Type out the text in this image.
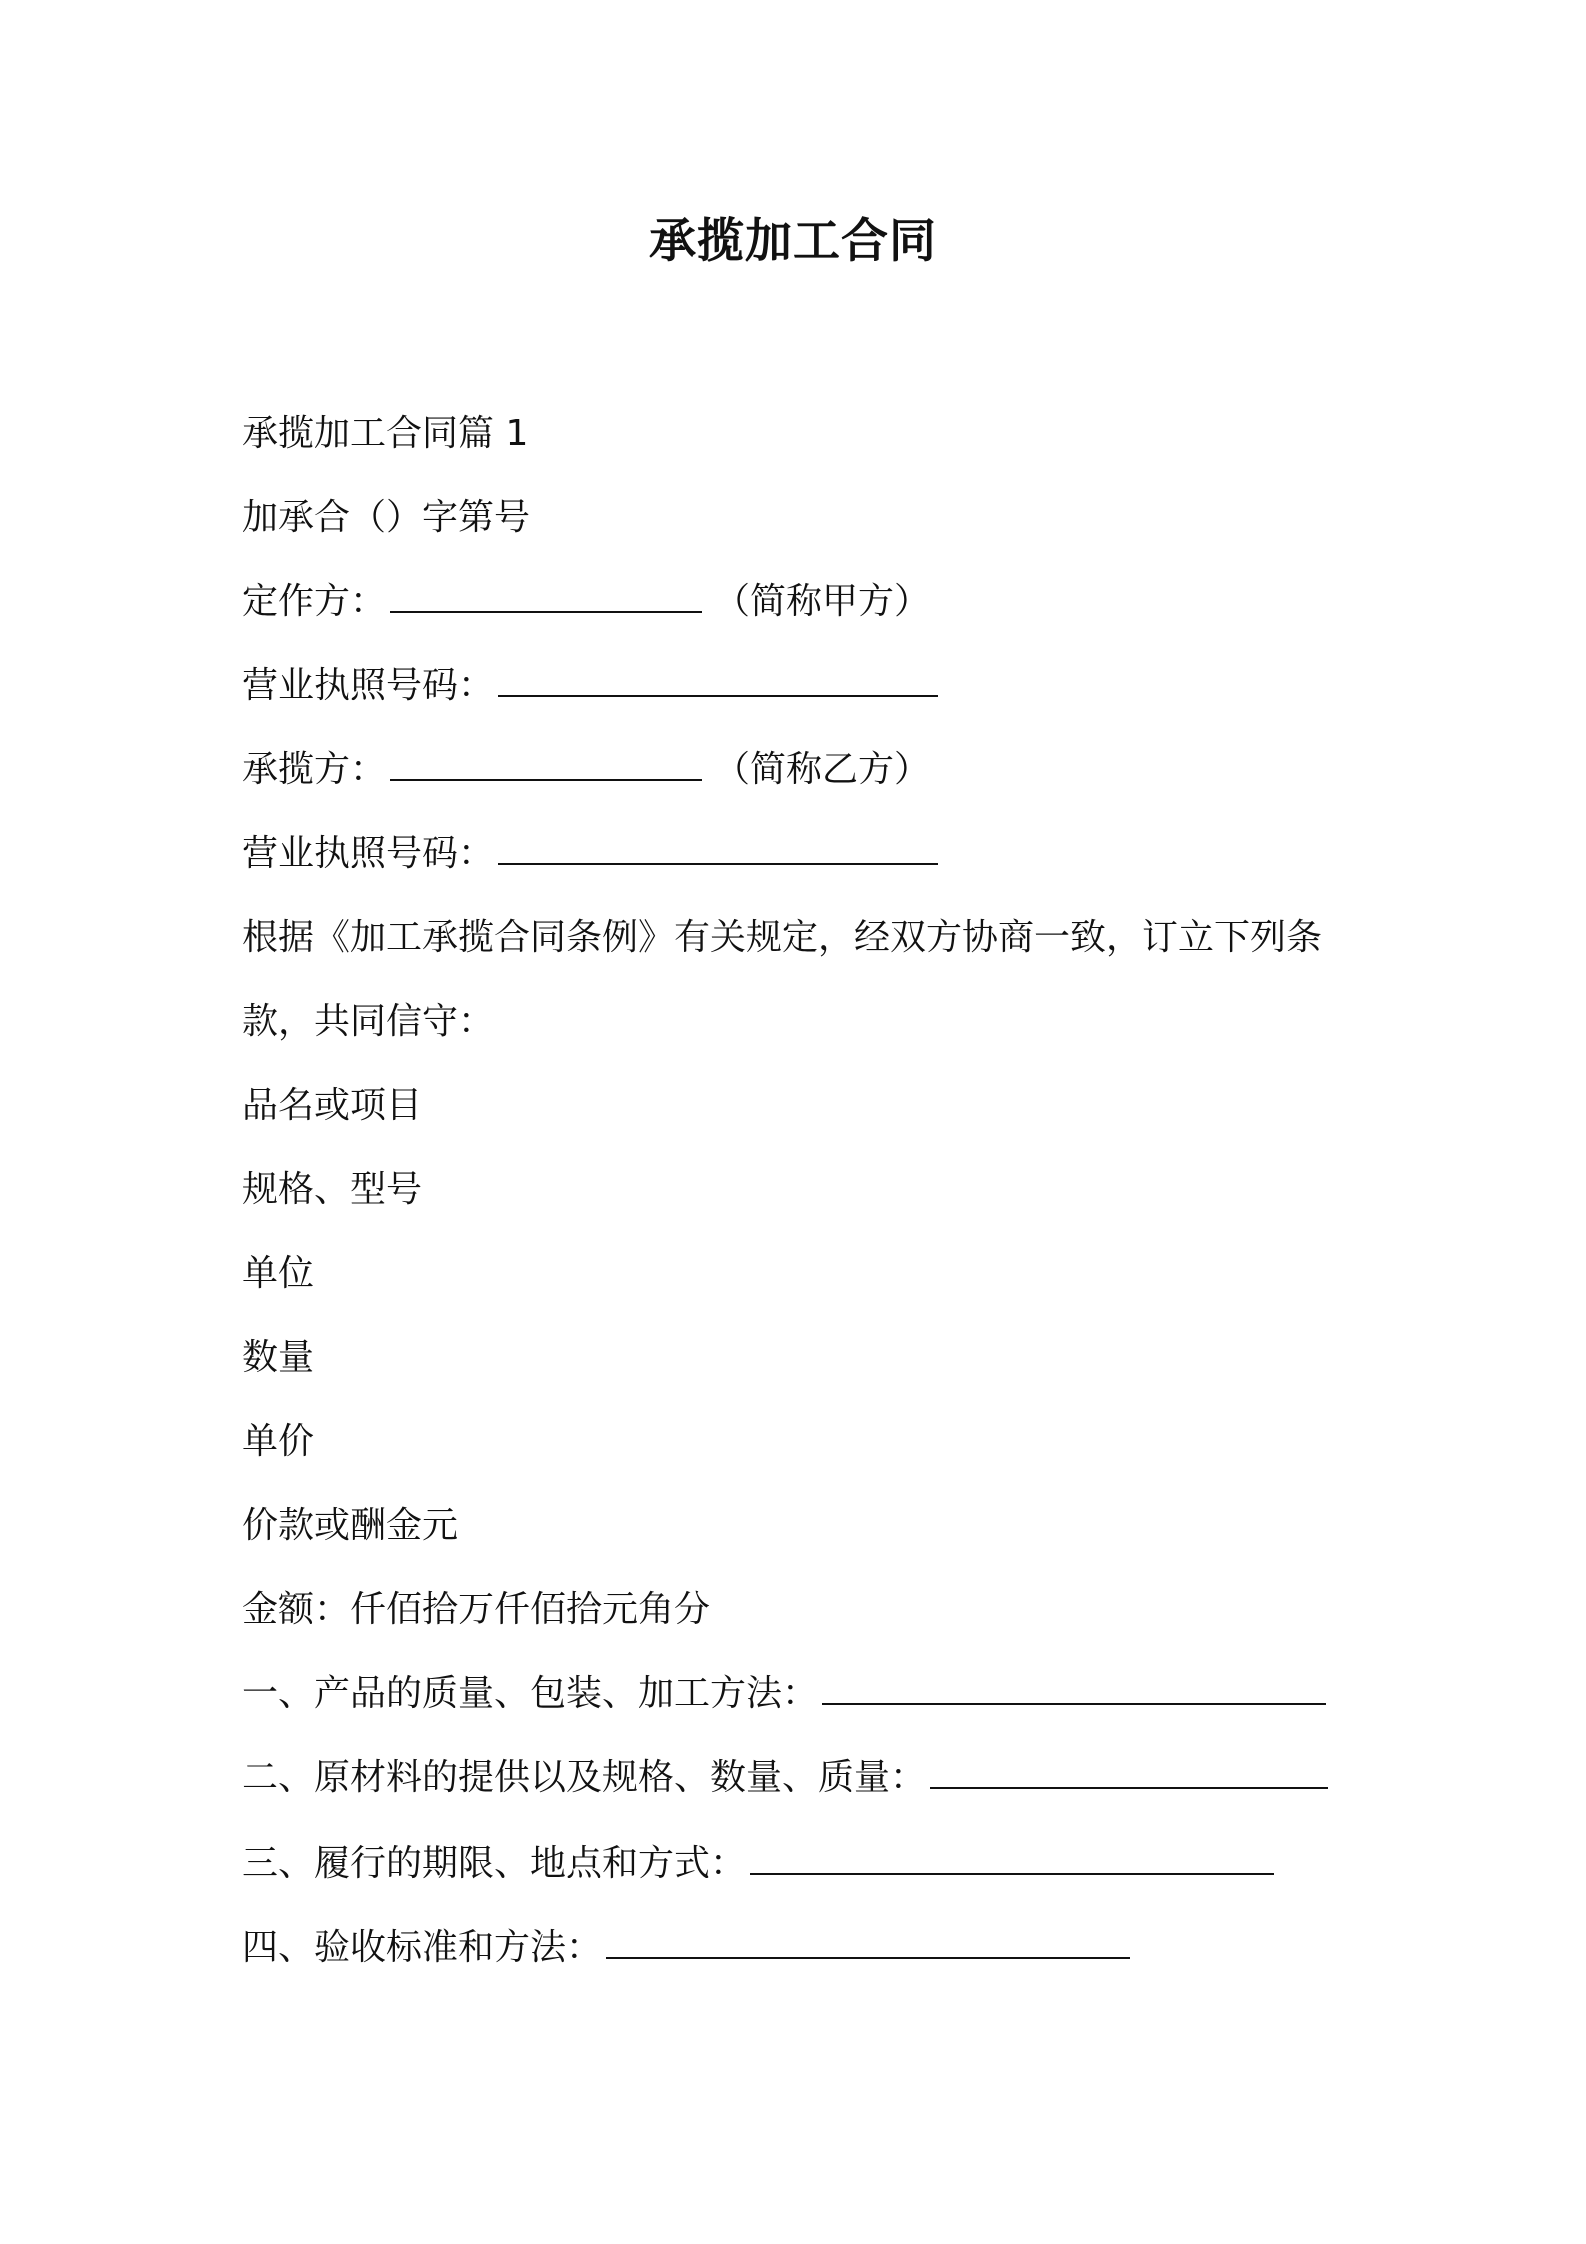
承揽加工合同
承揽加工合同篇 1
加承合（）字第号
定作方：	（简称甲方）
营业执照号码：
承揽方：	（简称乙方）
营业执照号码：
根据《加工承揽合同条例》有关规定，经双方协商一致，订立下列条
款，共同信守：
品名或项目
规格、型号
单位
数量
单价
价款或酬金元
金额：仟佰拾万仟佰拾元角分
一、产品的质量、包装、加工方法：
二、原材料的提供以及规格、数量、质量：
三、履行的期限、地点和方式：
四、验收标准和方法：
